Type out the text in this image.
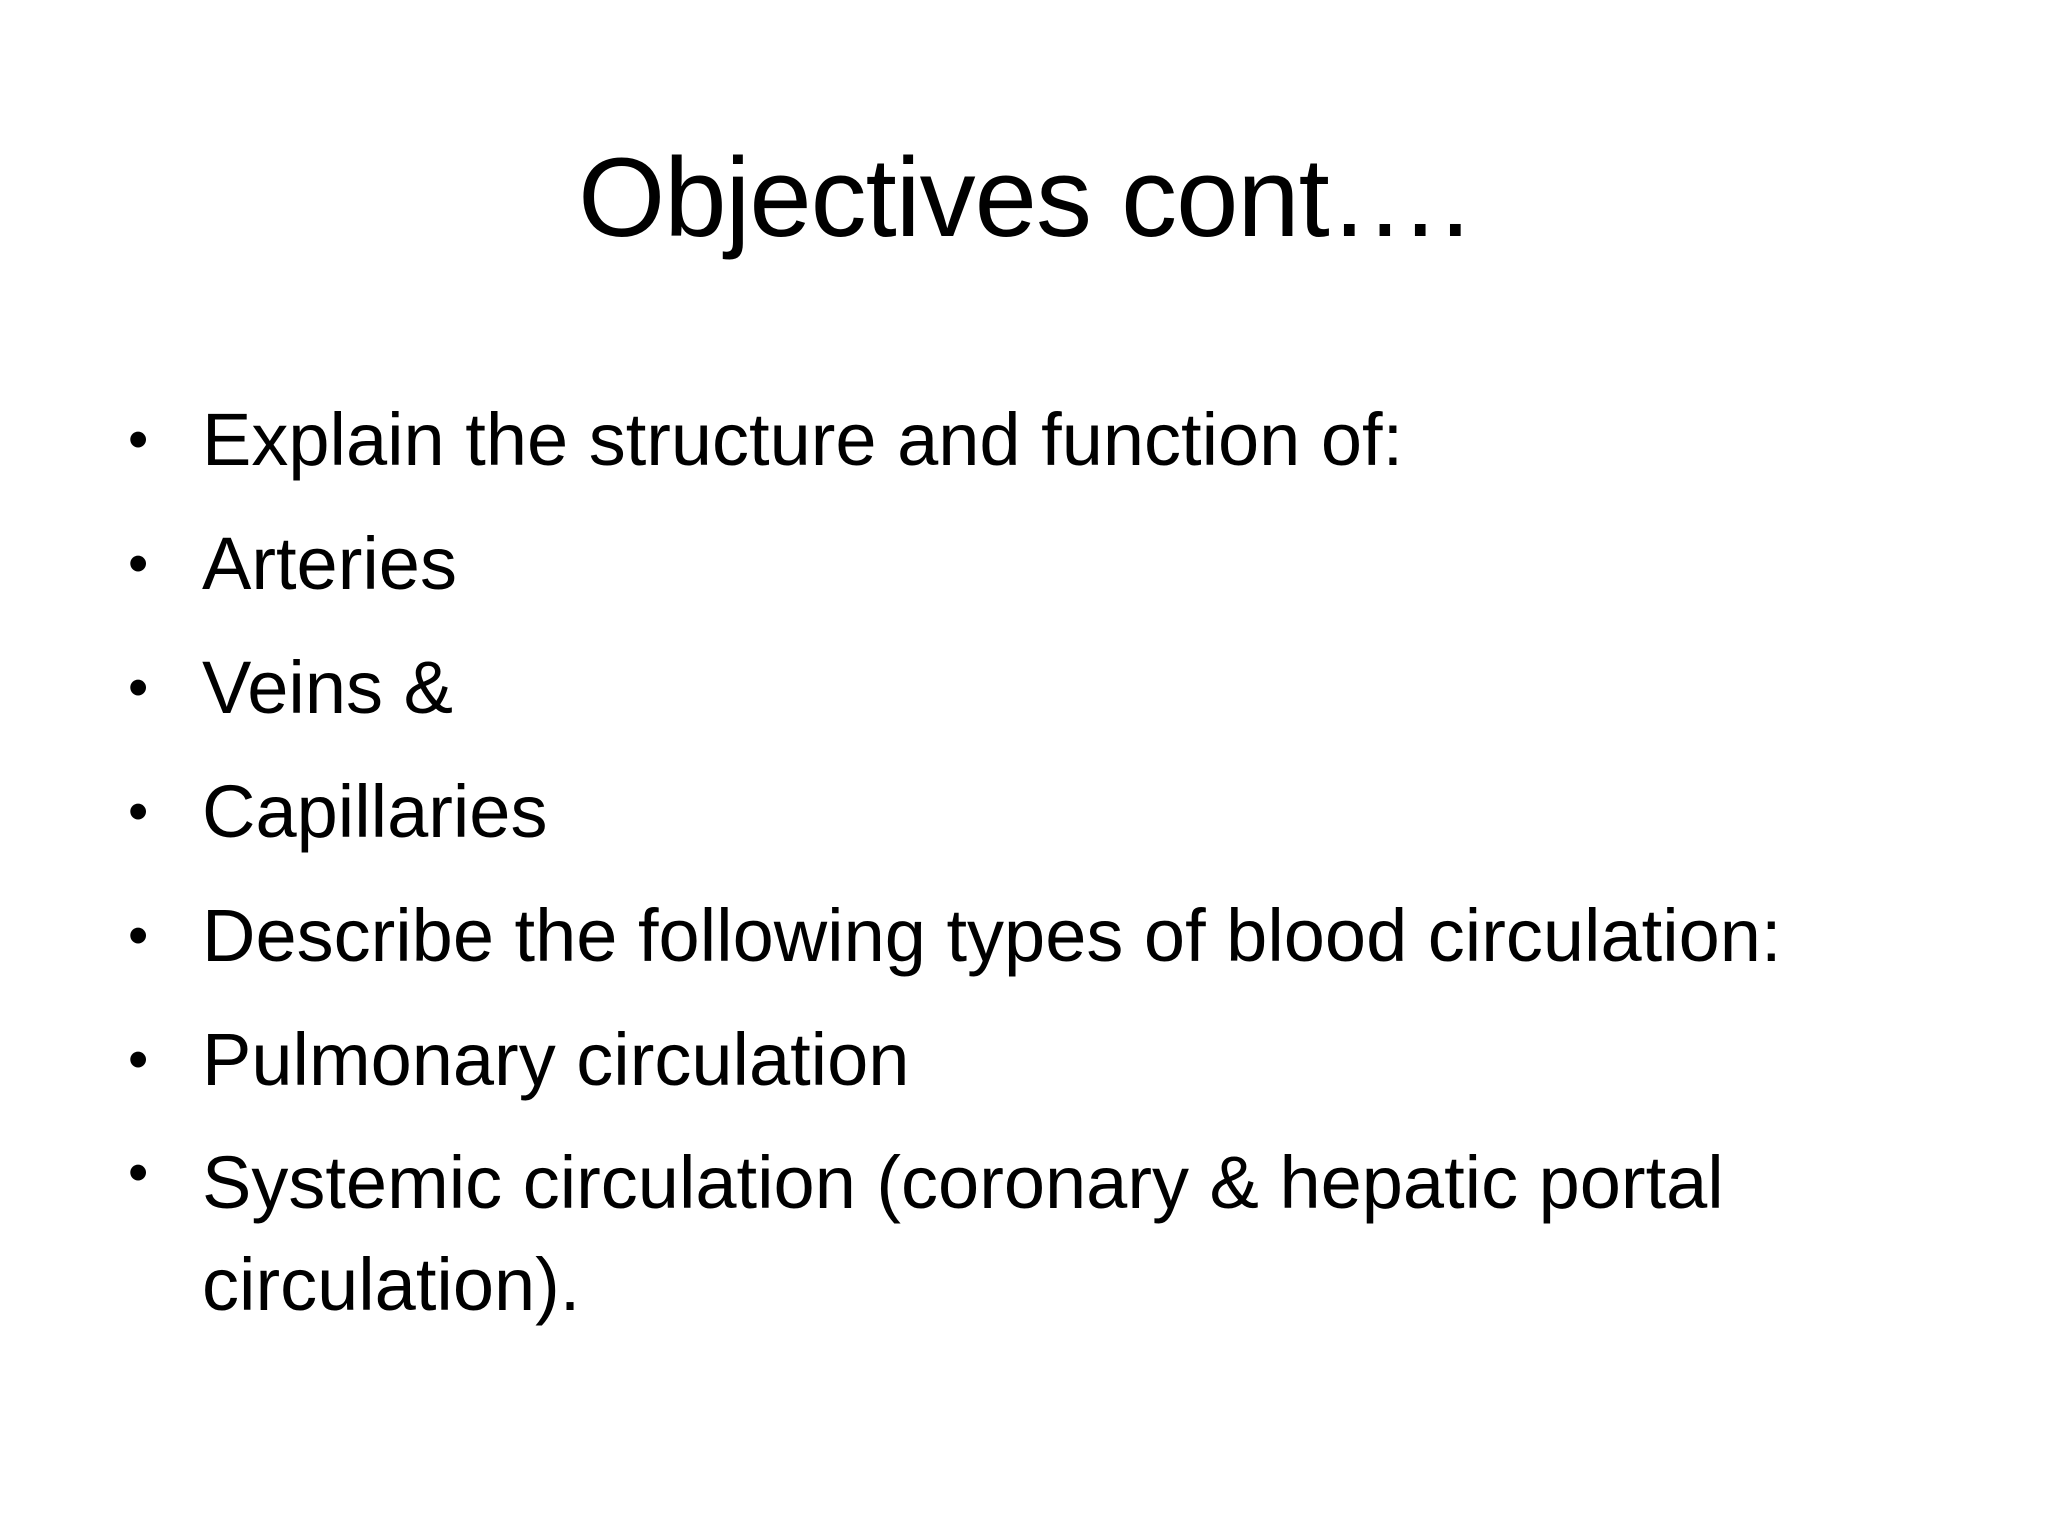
Objectives cont….
• Explain the structure and function of:
• Arteries
• Veins &
• Capillaries
• Describe the following types of blood circulation:
• Pulmonary circulation
• Systemic circulation (coronary & hepatic portal circulation).
